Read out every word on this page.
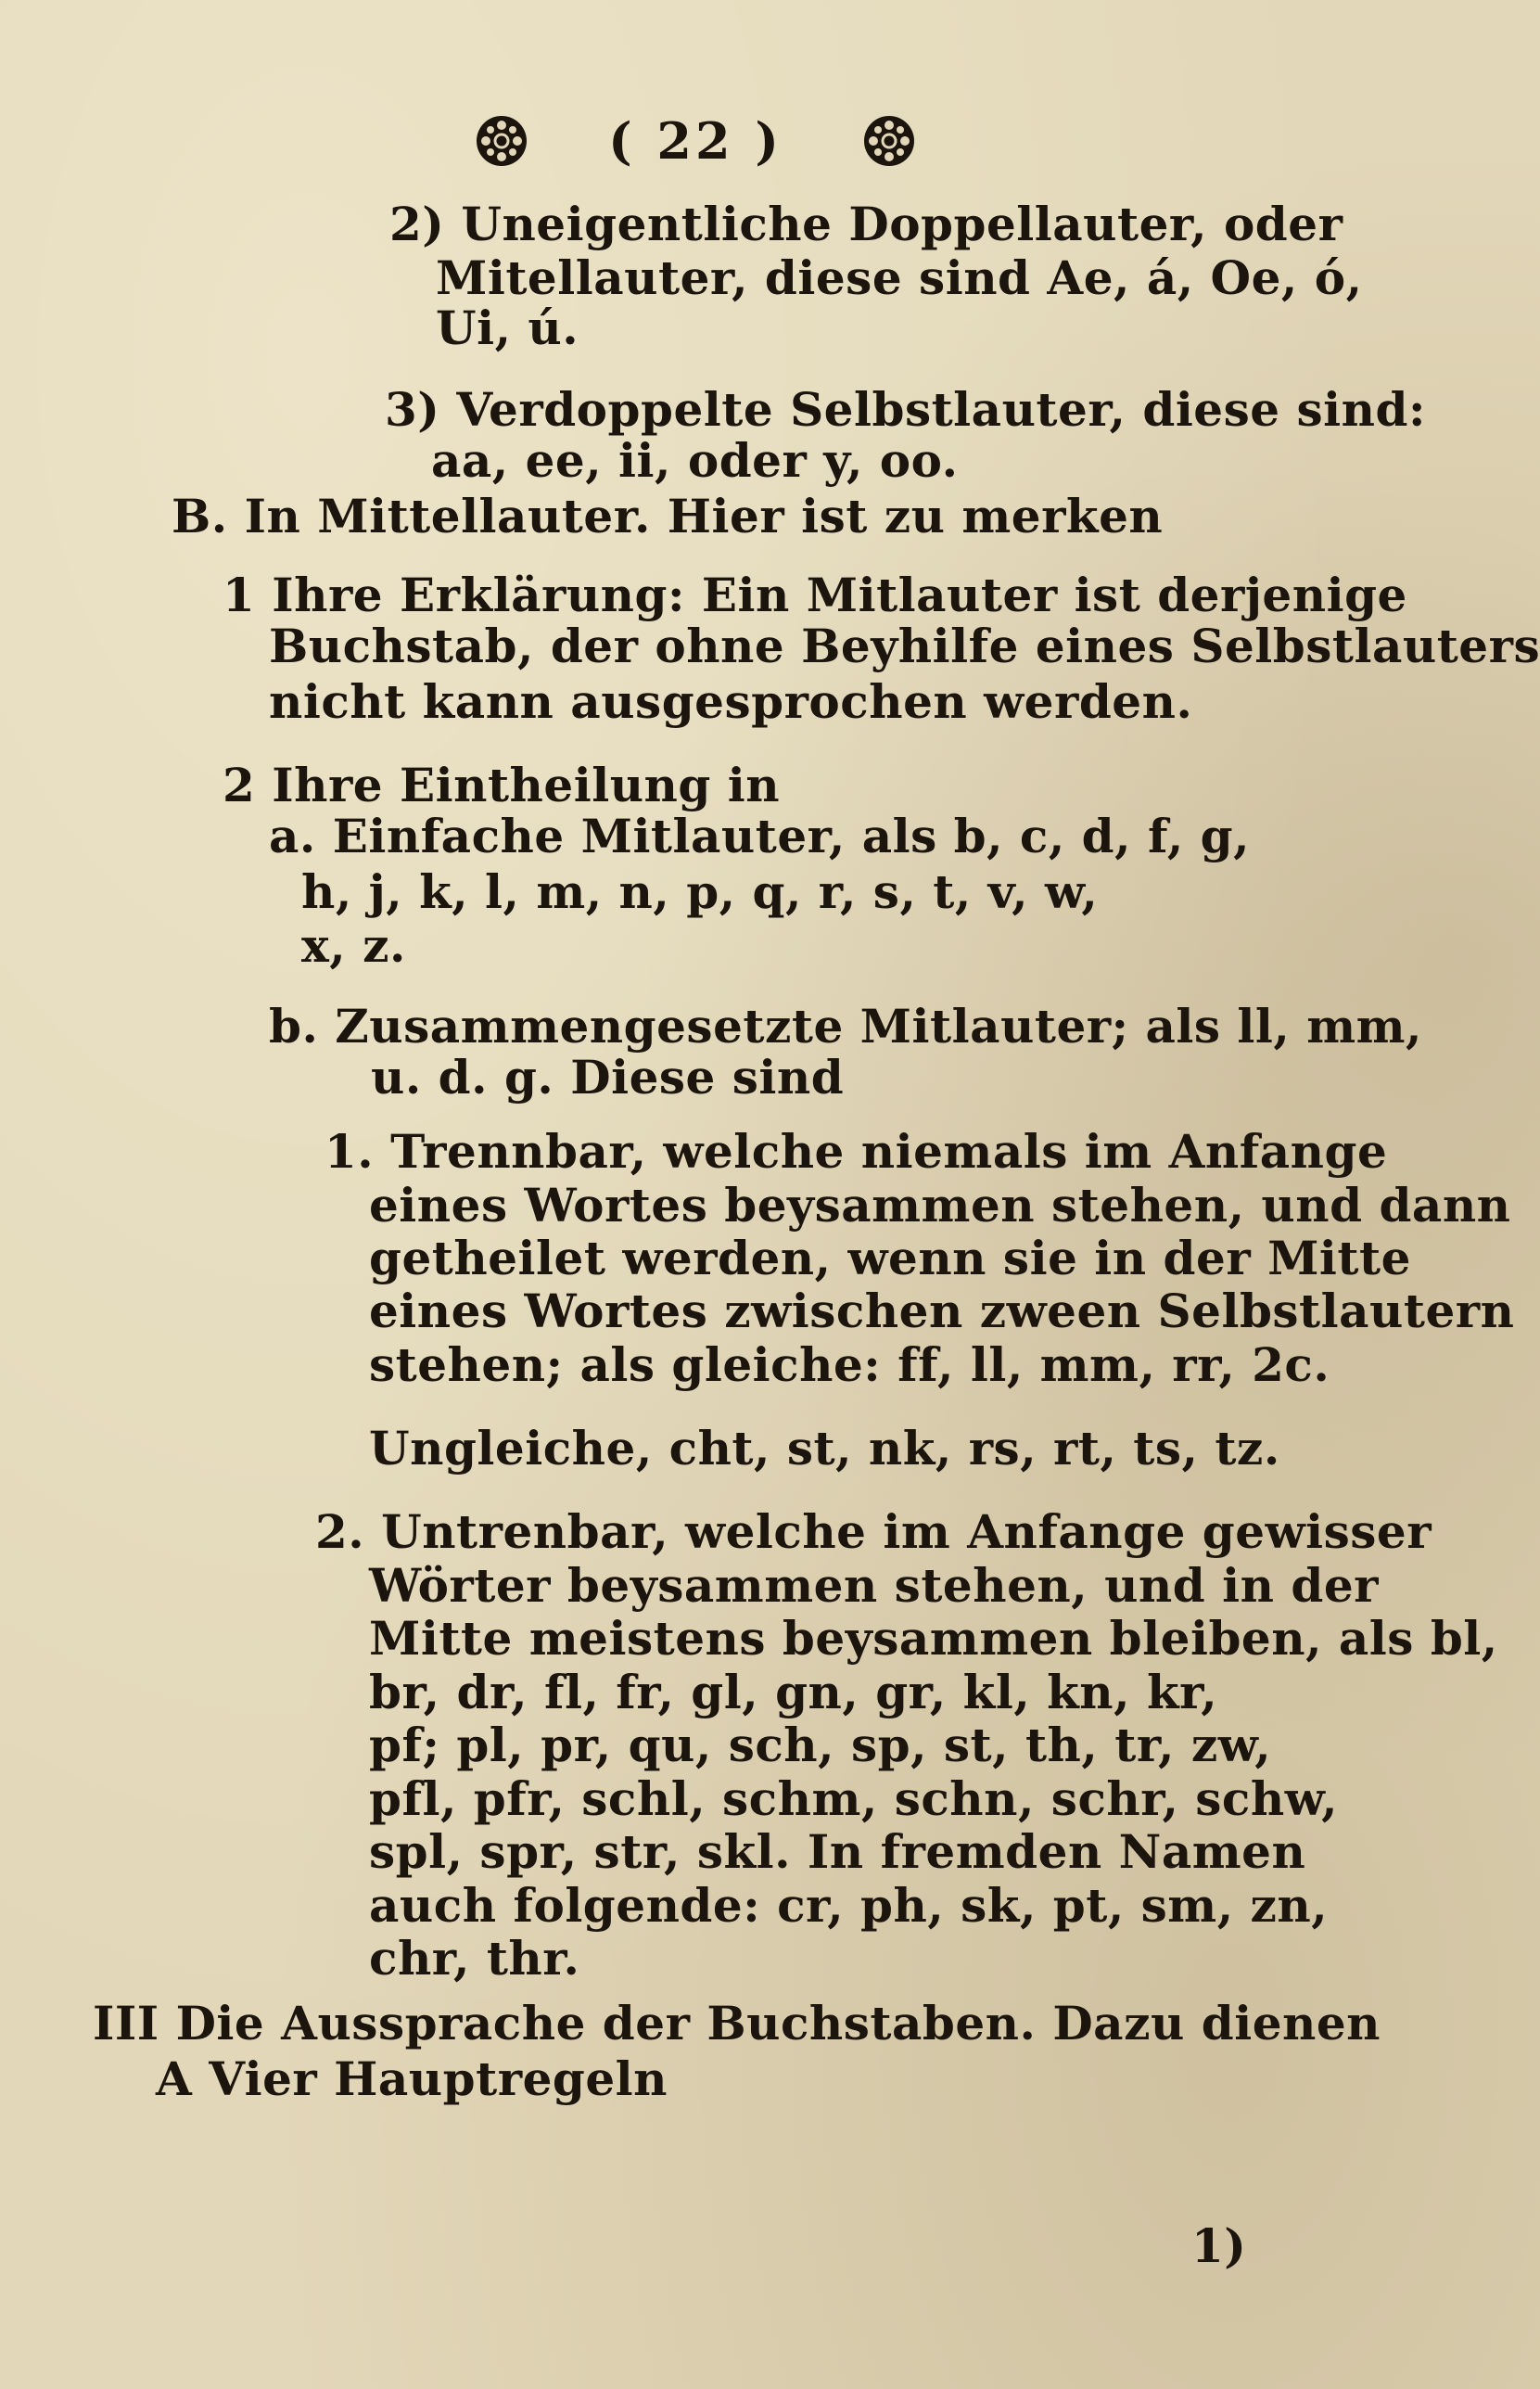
( 22 )
2) Uneigentliche Doppellauter, oder
Mitellauter, diese sind Ae, á, Oe, ó,
Ui, ú.
3) Verdoppelte Selbstlauter, diese sind:
aa, ee, ii, oder y, oo.
B. In Mittellauter. Hier ist zu merken
1 Ihre Erklärung: Ein Mitlauter ist derjenige
Buchstab, der ohne Beyhilfe eines Selbstlauters
nicht kann ausgesprochen werden.
2 Ihre Eintheilung in
a. Einfache Mitlauter, als b, c, d, f, g,
h, j, k, l, m, n, p, q, r, s, t, v, w,
x, z.
b. Zusammengesetzte Mitlauter; als ll, mm,
u. d. g. Diese sind
1. Trennbar, welche niemals im Anfange
eines Wortes beysammen stehen, und dann
getheilet werden, wenn sie in der Mitte
eines Wortes zwischen zween Selbstlautern
stehen; als gleiche: ff, ll, mm, rr, 2c.
Ungleiche, cht, st, nk, rs, rt, ts, tz.
2. Untrenbar, welche im Anfange gewisser
Wörter beysammen stehen, und in der
Mitte meistens beysammen bleiben, als bl,
br, dr, fl, fr, gl, gn, gr, kl, kn, kr,
pf; pl, pr, qu, sch, sp, st, th, tr, zw,
pfl, pfr, schl, schm, schn, schr, schw,
spl, spr, str, skl. In fremden Namen
auch folgende: cr, ph, sk, pt, sm, zn,
chr, thr.
III Die Aussprache der Buchstaben. Dazu dienen
A Vier Hauptregeln
1)
